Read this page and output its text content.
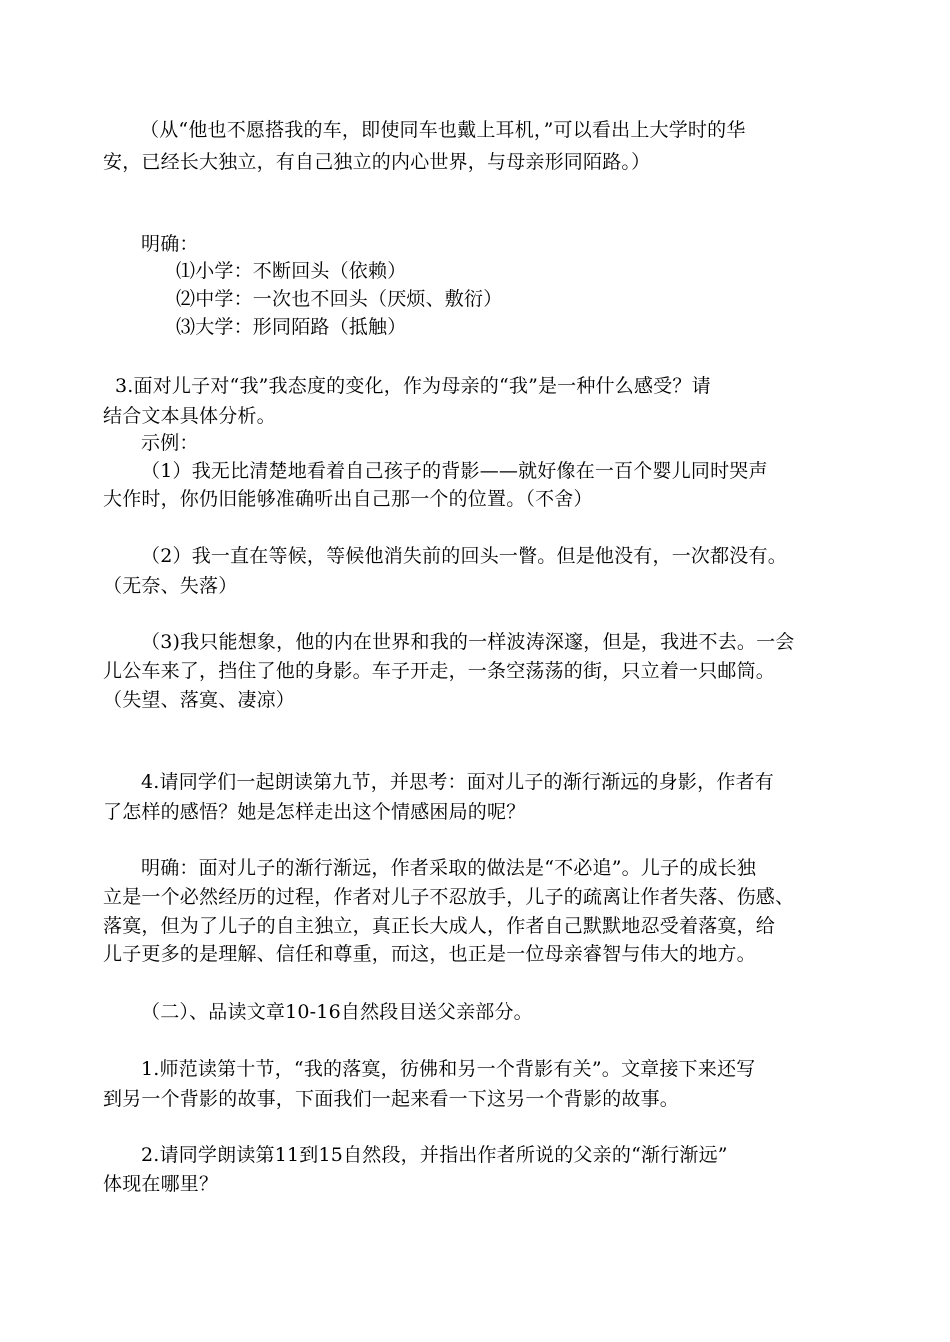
（从“他也不愿搭我的车，即使同车也戴上耳机，”可以看出上大学时的华
安，已经长大独立，有自己独立的内心世界，与母亲形同陌路。）
明确：
⑴小学：不断回头（依赖）
⑵中学：一次也不回头（厌烦、敷衍）
⑶大学：形同陌路（抵触）
3.面对儿子对“我”我态度的变化，作为母亲的“我”是一种什么感受？请
结合文本具体分析。
示例：
（1）我无比清楚地看着自己孩子的背影——就好像在一百个婴儿同时哭声
大作时，你仍旧能够准确听出自己那一个的位置。（不舍）
（2）我一直在等候，等候他消失前的回头一瞥。但是他没有，一次都没有。
（无奈、失落）
（3)我只能想象，他的内在世界和我的一样波涛深邃，但是，我进不去。一会
儿公车来了，挡住了他的身影。车子开走，一条空荡荡的街，只立着一只邮筒。
（失望、落寞、凄凉）
4.请同学们一起朗读第九节，并思考：面对儿子的渐行渐远的身影，作者有
了怎样的感悟？她是怎样走出这个情感困局的呢？
明确：面对儿子的渐行渐远，作者采取的做法是“不必追”。儿子的成长独
立是一个必然经历的过程，作者对儿子不忍放手，儿子的疏离让作者失落、伤感、
落寞，但为了儿子的自主独立，真正长大成人，作者自己默默地忍受着落寞，给
儿子更多的是理解、信任和尊重，而这，也正是一位母亲睿智与伟大的地方。
（二）、品读文章10-16自然段目送父亲部分。
1.师范读第十节，“我的落寞，彷佛和另一个背影有关”。文章接下来还写
到另一个背影的故事，下面我们一起来看一下这另一个背影的故事。
2.请同学朗读第11到15自然段，并指出作者所说的父亲的“渐行渐远”
体现在哪里？
